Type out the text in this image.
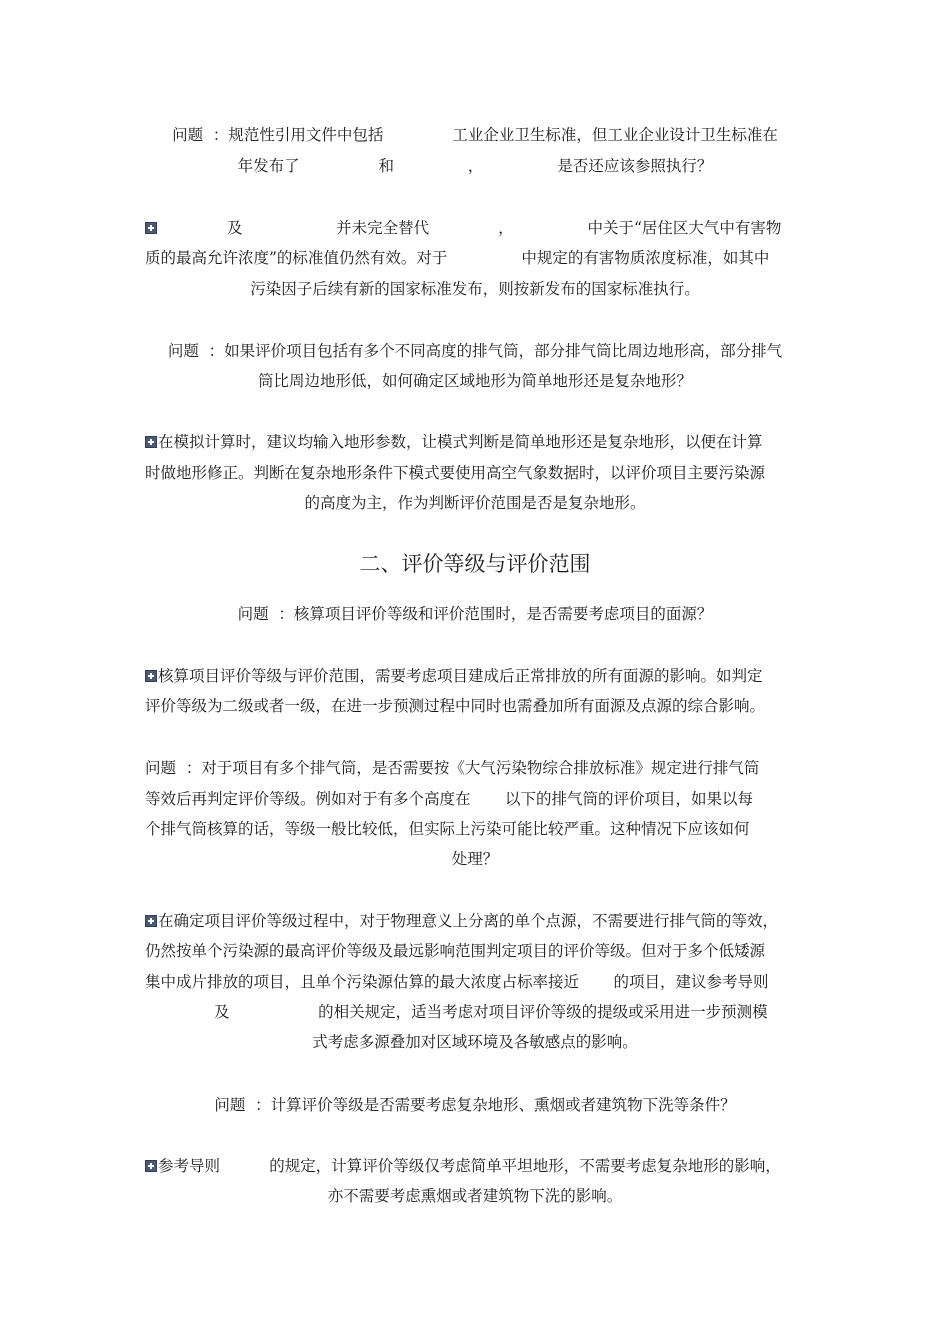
问题  ：规范性引用文件中包括              工业企业卫生标准，但工业企业设计卫生标准在
年发布了                和               ，               是否还应该参照执行？
及                   并未完全替代              ，               中关于“居住区大气中有害物
质的最高允许浓度”的标准值仍然有效。对于               中规定的有害物质浓度标准，如其中
污染因子后续有新的国家标准发布，则按新发布的国家标准执行。
问题  ：如果评价项目包括有多个不同高度的排气筒，部分排气筒比周边地形高，部分排气
筒比周边地形低，如何确定区域地形为简单地形还是复杂地形？
在模拟计算时，建议均输入地形参数，让模式判断是简单地形还是复杂地形，以便在计算
时做地形修正。判断在复杂地形条件下模式要使用高空气象数据时，以评价项目主要污染源
的高度为主，作为判断评价范围是否是复杂地形。
二、评价等级与评价范围
问题  ：核算项目评价等级和评价范围时，是否需要考虑项目的面源？
核算项目评价等级与评价范围，需要考虑项目建成后正常排放的所有面源的影响。如判定
评价等级为二级或者一级，在进一步预测过程中同时也需叠加所有面源及点源的综合影响。
问题  ：对于项目有多个排气筒，是否需要按《大气污染物综合排放标准》规定进行排气筒
等效后再判定评价等级。例如对于有多个高度在       以下的排气筒的评价项目，如果以每
个排气筒核算的话，等级一般比较低，但实际上污染可能比较严重。这种情况下应该如何
处理？
在确定项目评价等级过程中，对于物理意义上分离的单个点源，不需要进行排气筒的等效，
仍然按单个污染源的最高评价等级及最远影响范围判定项目的评价等级。但对于多个低矮源
集中成片排放的项目，且单个污染源估算的最大浓度占标率接近       的项目，建议参考导则
及                  的相关规定，适当考虑对项目评价等级的提级或采用进一步预测模
式考虑多源叠加对区域环境及各敏感点的影响。
问题  ：计算评价等级是否需要考虑复杂地形、熏烟或者建筑物下洗等条件？
参考导则          的规定，计算评价等级仅考虑简单平坦地形，不需要考虑复杂地形的影响，
亦不需要考虑熏烟或者建筑物下洗的影响。
